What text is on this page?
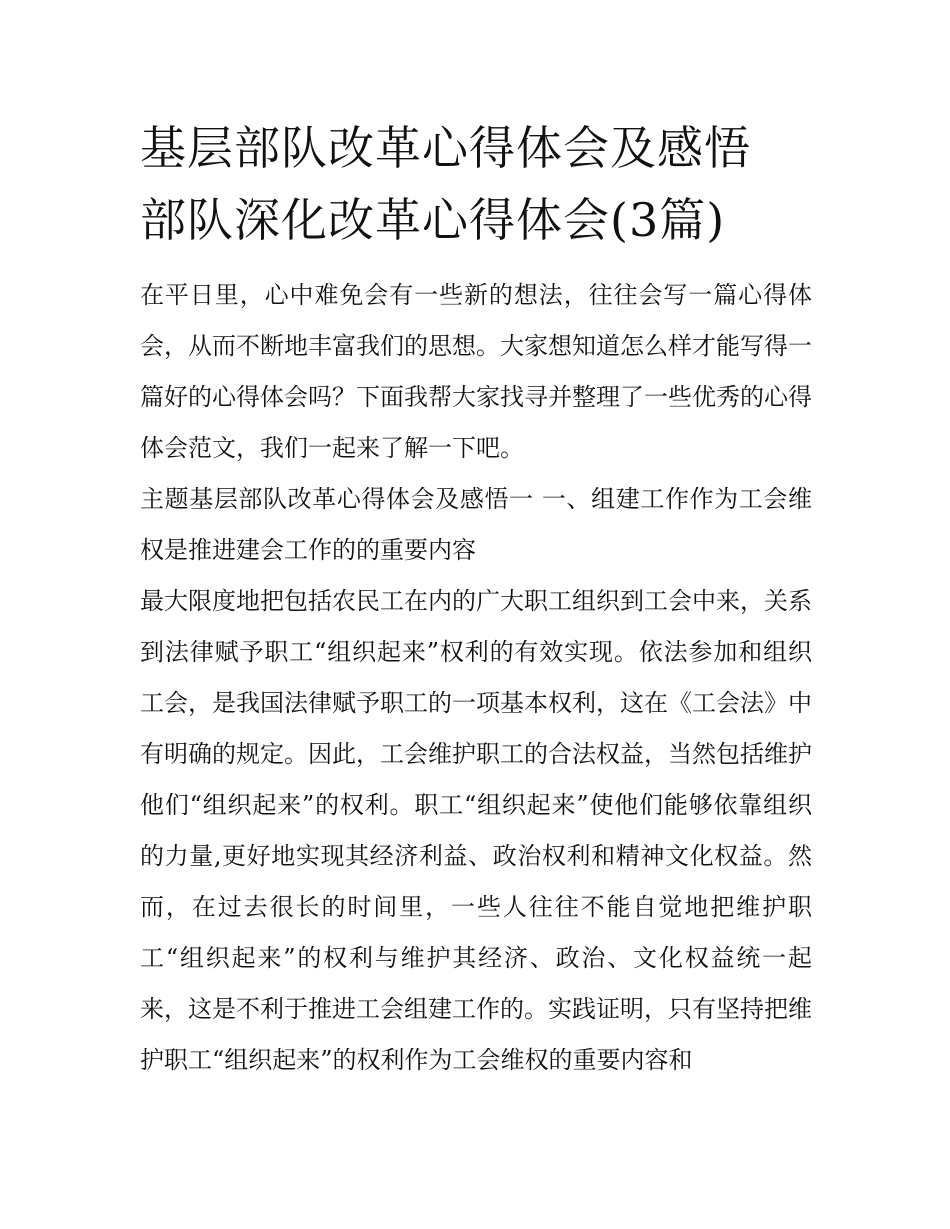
基层部队改革心得体会及感悟
部队深化改革心得体会(3篇)

在平日里，心中难免会有一些新的想法，往往会写一篇心得体会，从而不断地丰富我们的思想。大家想知道怎么样才能写得一篇好的心得体会吗？下面我帮大家找寻并整理了一些优秀的心得体会范文，我们一起来了解一下吧。

主题基层部队改革心得体会及感悟一 一、组建工作作为工会维权是推进建会工作的的重要内容

最大限度地把包括农民工在内的广大职工组织到工会中来，关系到法律赋予职工“组织起来”权利的有效实现。依法参加和组织工会，是我国法律赋予职工的一项基本权利，这在《工会法》中有明确的规定。因此，工会维护职工的合法权益，当然包括维护他们“组织起来”的权利。职工“组织起来”使他们能够依靠组织的力量,更好地实现其经济利益、政治权利和精神文化权益。然而，在过去很长的时间里，一些人往往不能自觉地把维护职工“组织起来”的权利与维护其经济、政治、文化权益统一起来，这是不利于推进工会组建工作的。实践证明，只有坚持把维护职工“组织起来”的权利作为工会维权的重要内容和
